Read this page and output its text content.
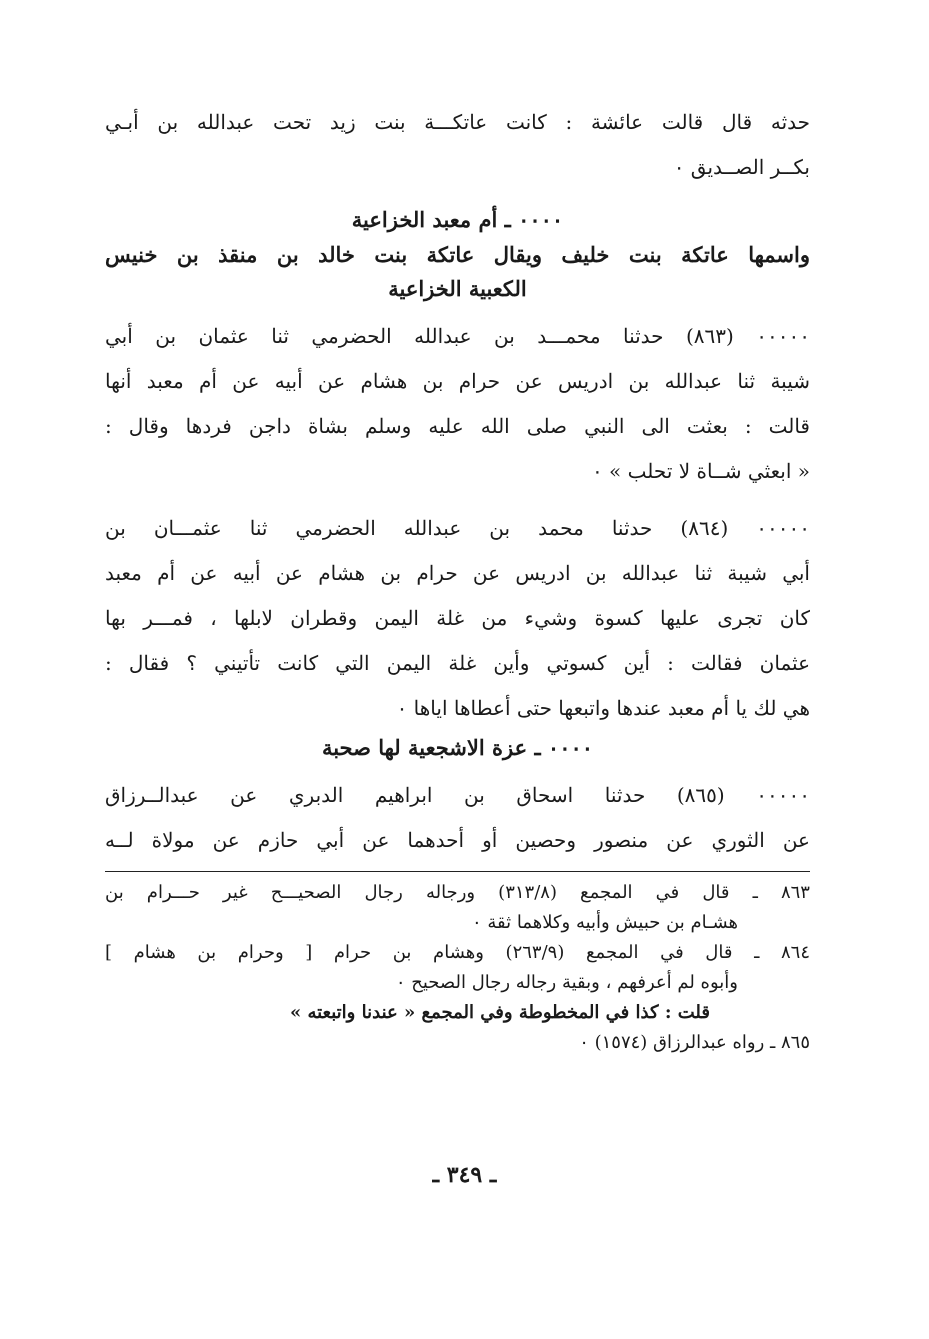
حدثه قال قالت عائشة : كانت عاتكـــة بنت زيد تحت عبدالله بن أبـي
بكــر الصــديق ٠
٠٠٠٠ ـ أم معبد الخزاعية
واسمها عاتكة بنت خليف ويقال عاتكة بنت خالد بن منقذ بن خنيس
الكعبية الخزاعية
٠٠٠٠٠ (٨٦٣) حدثنا محمـــد بن عبدالله الحضرمي ثنا عثمان بن أبي
شيبة ثنا عبدالله بن ادريس عن حرام بن هشام عن أبيه عن أم معبد أنها
قالت : بعثت الى النبي صلى الله عليه وسلم بشاة داجن فردها وقال :
« ابعثي شــاة لا تحلب » ٠
٠٠٠٠٠ (٨٦٤) حدثنا محمد بن عبدالله الحضرمي ثنا عثمـــان بن
أبي شيبة ثنا عبدالله بن ادريس عن حرام بن هشام عن أبيه عن أم معبد
كان تجرى عليها كسوة وشيء من غلة اليمن وقطران لابلها ، فمـــر بها
عثمان فقالت : أين كسوتي وأين غلة اليمن التي كانت تأتيني ؟ فقال :
هي لك يا أم معبد عندها واتبعها حتى أعطاها اياها ٠
٠٠٠٠ ـ عزة الاشجعية لها صحبة
٠٠٠٠٠ (٨٦٥) حدثنا اسحاق بن ابراهيم الدبري عن عبدالــرزاق
عن الثوري عن منصور وحصين أو أحدهما عن أبي حازم عن مولاة لــه
٨٦٣ ـ قال في المجمع (٣١٣/٨) ورجاله رجال الصحيـــح غير حـــرام بن
هشـام بن حبيش وأبيه وكلاهما ثقة ٠
٨٦٤ ـ قال في المجمع (٢٦٣/٩) وهشام بن حرام [ وحرام بن هشام ]
وأبوه لم أعرفهم ، وبقية رجاله رجال الصحيح ٠
قلت : كذا في المخطوطة وفي المجمع « عندنا واتبعته »
٨٦٥ ـ رواه عبدالرزاق (١٥٧٤) ٠
ـ ٣٤٩ ـ
